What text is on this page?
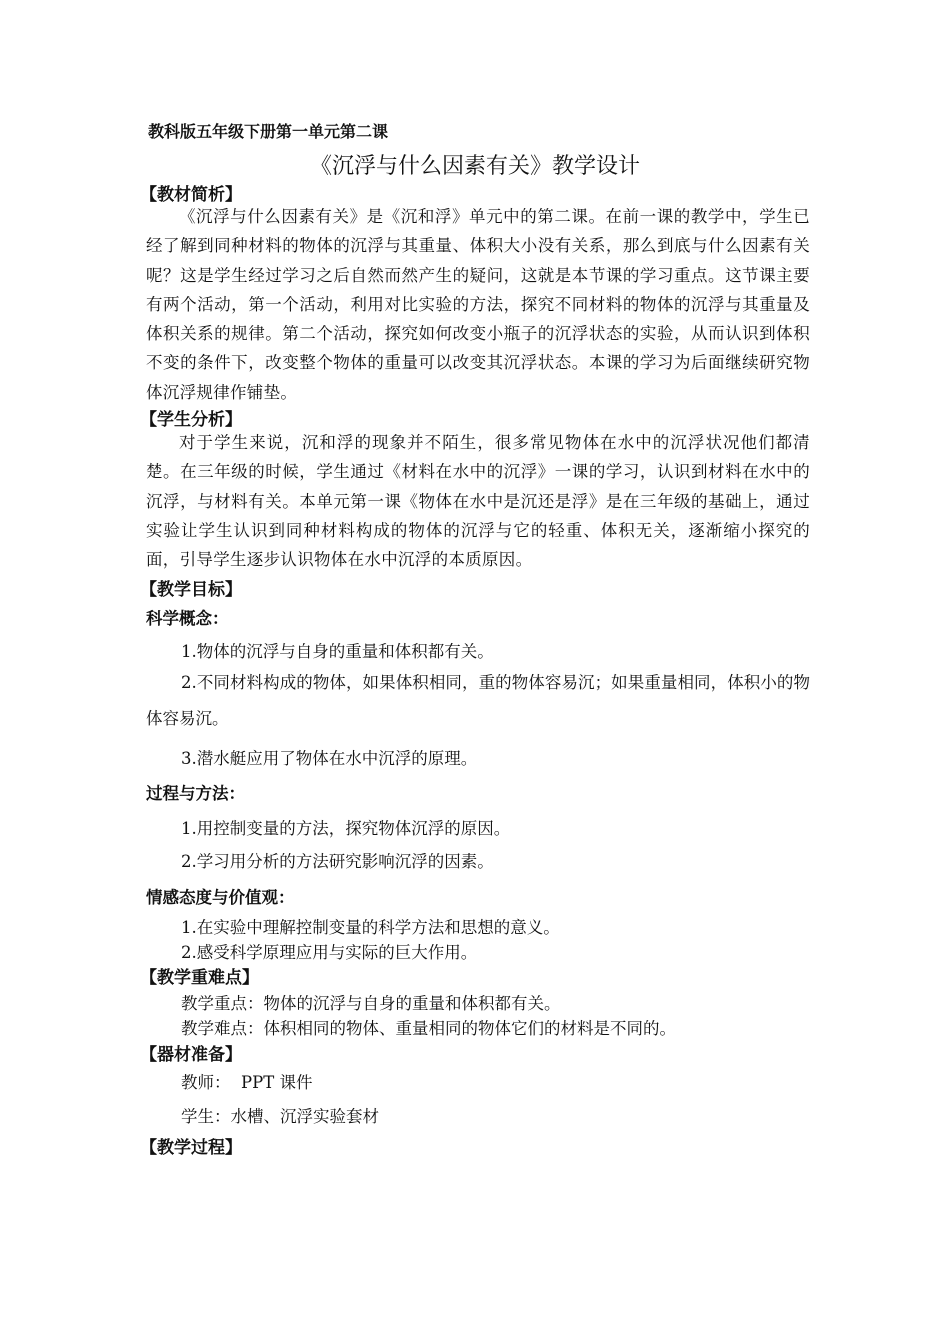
教科版五年级下册第一单元第二课
《沉浮与什么因素有关》教学设计
【教材简析】
《沉浮与什么因素有关》是《沉和浮》单元中的第二课。在前一课的教学中，学生已经了解到同种材料的物体的沉浮与其重量、体积大小没有关系，那么到底与什么因素有关呢？这是学生经过学习之后自然而然产生的疑问，这就是本节课的学习重点。这节课主要有两个活动，第一个活动，利用对比实验的方法，探究不同材料的物体的沉浮与其重量及体积关系的规律。第二个活动，探究如何改变小瓶子的沉浮状态的实验，从而认识到体积不变的条件下，改变整个物体的重量可以改变其沉浮状态。本课的学习为后面继续研究物体沉浮规律作铺垫。
【学生分析】
对于学生来说，沉和浮的现象并不陌生，很多常见物体在水中的沉浮状况他们都清楚。在三年级的时候，学生通过《材料在水中的沉浮》一课的学习，认识到材料在水中的沉浮，与材料有关。本单元第一课《物体在水中是沉还是浮》是在三年级的基础上，通过实验让学生认识到同种材料构成的物体的沉浮与它的轻重、体积无关，逐渐缩小探究的面，引导学生逐步认识物体在水中沉浮的本质原因。
【教学目标】
科学概念：
1.物体的沉浮与自身的重量和体积都有关。
2.不同材料构成的物体，如果体积相同，重的物体容易沉；如果重量相同，体积小的物体容易沉。
3.潜水艇应用了物体在水中沉浮的原理。
过程与方法：
1.用控制变量的方法，探究物体沉浮的原因。
2.学习用分析的方法研究影响沉浮的因素。
情感态度与价值观：
1.在实验中理解控制变量的科学方法和思想的意义。
2.感受科学原理应用与实际的巨大作用。
【教学重难点】
教学重点：物体的沉浮与自身的重量和体积都有关。
教学难点：体积相同的物体、重量相同的物体它们的材料是不同的。
【器材准备】
教师：  PPT 课件
学生：水槽、沉浮实验套材
【教学过程】
